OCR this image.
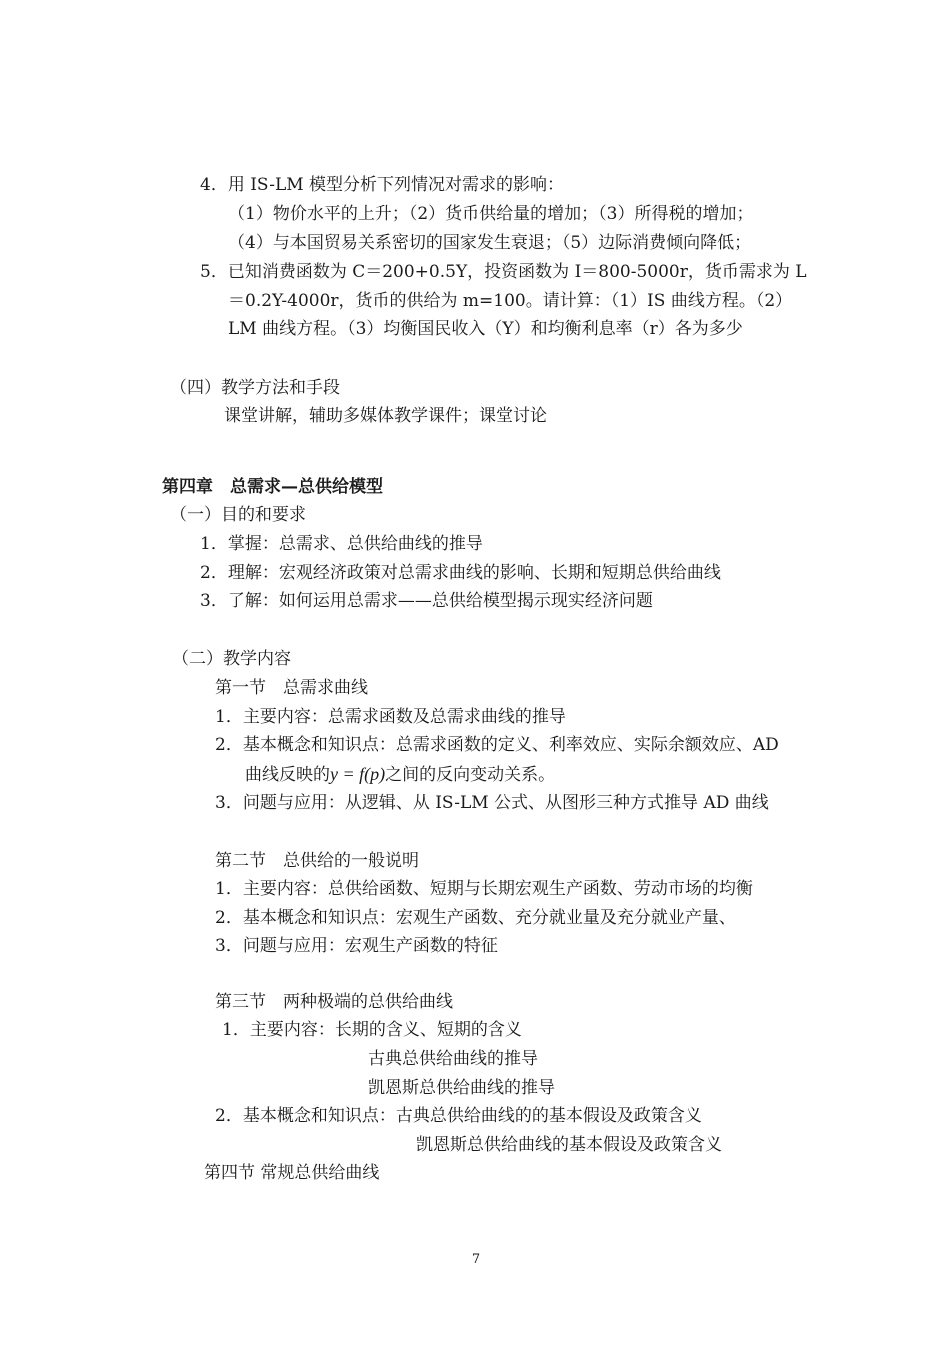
4．用 IS-LM 模型分析下列情况对需求的影响：
（1）物价水平的上升；（2）货币供给量的增加；（3）所得税的增加；
（4）与本国贸易关系密切的国家发生衰退；（5）边际消费倾向降低；
5．已知消费函数为 C＝200+0.5Y，投资函数为 I＝800-5000r，货币需求为 L
＝0.2Y-4000r，货币的供给为 m=100。请计算：（1）IS 曲线方程。（2）
LM 曲线方程。（3）均衡国民收入（Y）和均衡利息率（r）各为多少
（四）教学方法和手段
课堂讲解，辅助多媒体教学课件；课堂讨论
第四章　总需求—总供给模型
（一）目的和要求
1．掌握：总需求、总供给曲线的推导
2．理解：宏观经济政策对总需求曲线的影响、长期和短期总供给曲线
3．了解：如何运用总需求——总供给模型揭示现实经济问题
（二）教学内容
第一节　总需求曲线
1．主要内容：总需求函数及总需求曲线的推导
2．基本概念和知识点：总需求函数的定义、利率效应、实际余额效应、AD
曲线反映的y = f(p)之间的反向变动关系。
3．问题与应用：从逻辑、从 IS-LM 公式、从图形三种方式推导 AD 曲线
第二节　总供给的一般说明
1．主要内容：总供给函数、短期与长期宏观生产函数、劳动市场的均衡
2．基本概念和知识点：宏观生产函数、充分就业量及充分就业产量、
3．问题与应用：宏观生产函数的特征
第三节　两种极端的总供给曲线
1．主要内容：长期的含义、短期的含义
古典总供给曲线的推导
凯恩斯总供给曲线的推导
2．基本概念和知识点：古典总供给曲线的的基本假设及政策含义
凯恩斯总供给曲线的基本假设及政策含义
第四节 常规总供给曲线
7
